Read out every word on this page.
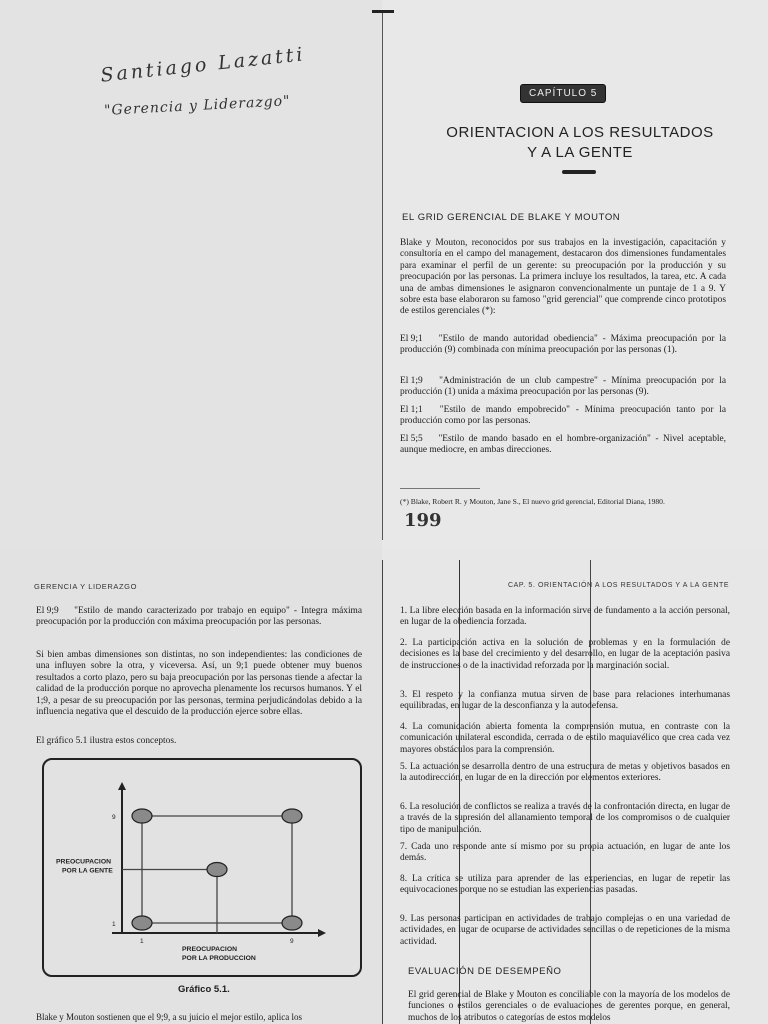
Santiago Lazatti
"Gerencia y Liderazgo"
199
CAPÍTULO 5
ORIENTACION A LOS RESULTADOS
Y A LA GENTE
EL GRID GERENCIAL DE BLAKE Y MOUTON
Blake y Mouton, reconocidos por sus trabajos en la investigación, capacitación y consultoría en el campo del management, destacaron dos dimensiones fundamentales para examinar el perfil de un gerente: su preocupación por la producción y su preocupación por las personas. La primera incluye los resultados, la tarea, etc. A cada una de ambas dimensiones le asignaron convencionalmente un puntaje de 1 a 9. Y sobre esta base elaboraron su famoso "grid gerencial" que comprende cinco prototipos de estilos gerenciales (*):
El 9;1 "Estilo de mando autoridad obediencia" - Máxima preocupación por la producción (9) combinada con mínima preocupación por las personas (1).
El 1;9 "Administración de un club campestre" - Mínima preocupación por la producción (1) unida a máxima preocupación por las personas (9).
El 1;1 "Estilo de mando empobrecido" - Mínima preocupación tanto por la producción como por las personas.
El 5;5 "Estilo de mando basado en el hombre-organización" - Nivel aceptable, aunque mediocre, en ambas direcciones.
(*) Blake, Robert R. y Mouton, Jane S., El nuevo grid gerencial, Editorial Diana, 1980.
GERENCIA Y LIDERAZGO
El 9;9 "Estilo de mando caracterizado por trabajo en equipo" - Integra máxima preocupación por la producción con máxima preocupación por las personas.
Si bien ambas dimensiones son distintas, no son independientes: las condiciones de una influyen sobre la otra, y viceversa. Así, un 9;1 puede obtener muy buenos resultados a corto plazo, pero su baja preocupación por las personas tiende a afectar la calidad de la producción porque no aprovecha plenamente los recursos humanos. Y el 1;9, a pesar de su preocupación por las personas, termina perjudicándolas debido a la influencia negativa que el descuido de la producción ejerce sobre ellas.
El gráfico 5.1 ilustra estos conceptos.
9
1
1	9
PREOCUPACION
POR LA GENTE
PREOCUPACION
POR LA PRODUCCION
Gráfico 5.1.
Blake y Mouton sostienen que el 9;9, a su juicio el mejor estilo, aplica los
CAP. 5. ORIENTACIÓN A LOS RESULTADOS Y A LA GENTE
1. La libre elección basada en la información sirve de fundamento a la acción personal, en lugar de la obediencia forzada.
2. La participación activa en la solución de problemas y en la formulación de decisiones es la base del crecimiento y del desarrollo, en lugar de la aceptación pasiva de instrucciones o de la inactividad reforzada por la marginación social.
3. El respeto y la confianza mutua sirven de base para relaciones interhumanas equilibradas, en lugar de la desconfianza y la autodefensa.
4. La comunicación abierta fomenta la comprensión mutua, en contraste con la comunicación unilateral escondida, cerrada o de estilo maquiavélico que crea cada vez mayores obstáculos para la comprensión.
5. La actuación se desarrolla dentro de una estructura de metas y objetivos basados en la autodirección, en lugar de en la dirección por elementos exteriores.
6. La resolución de conflictos se realiza a través de la confrontación directa, en lugar de a través de la supresión del allanamiento temporal de los compromisos o de cualquier tipo de manipulación.
7. Cada uno responde ante sí mismo por su propia actuación, en lugar de ante los demás.
8. La crítica se utiliza para aprender de las experiencias, en lugar de repetir las equivocaciones porque no se estudian las experiencias pasadas.
9. Las personas participan en actividades de trabajo complejas o en una variedad de actividades, en lugar de ocuparse de actividades sencillas o de repeticiones de la misma actividad.
EVALUACIÓN DE DESEMPEÑO
El grid gerencial de Blake y Mouton es conciliable con la mayoría de los modelos de funciones o estilos gerenciales o de evaluaciones de gerentes porque, en general, muchos de los atributos o categorías de estos modelos
